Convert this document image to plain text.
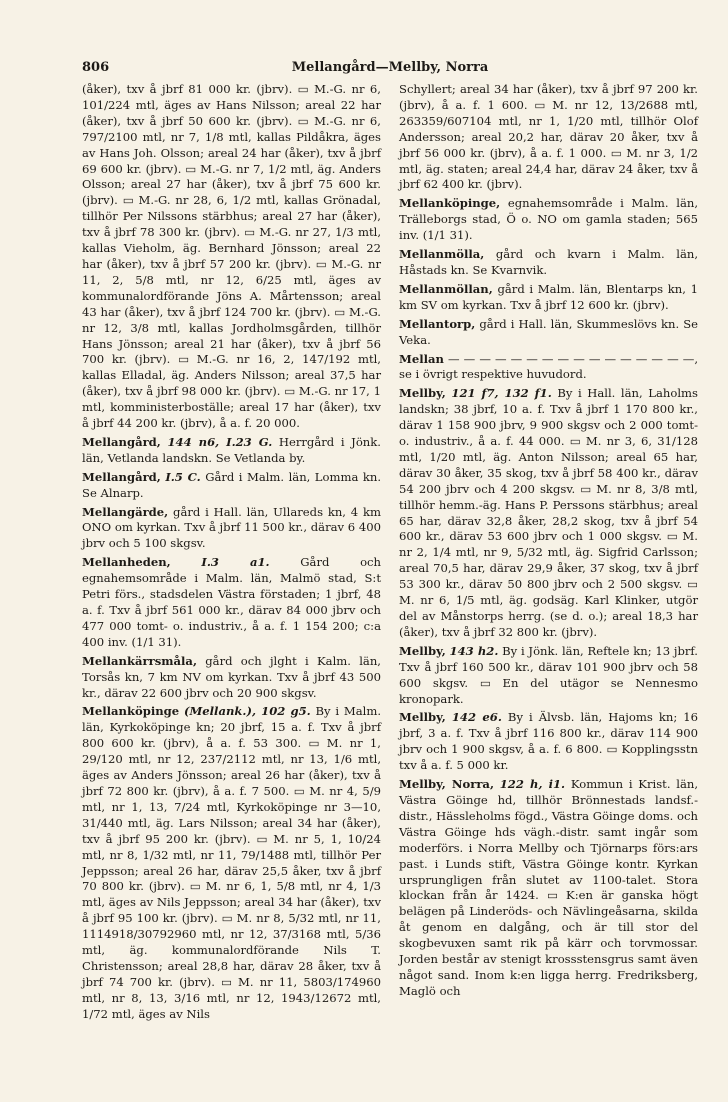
806	Mellangård—Mellby, Norra

(åker), txv å jbrf 81 000 kr. (jbrv). ▭ M.-G. nr 6, 101/224 mtl, äges av Hans Nilsson; areal 22 har (åker), txv å jbrf 50 600 kr. (jbrv). ▭ M.-G. nr 6, 797/2100 mtl, nr 7, 1/8 mtl, kallas Pildåkra, äges av Hans Joh. Olsson; areal 24 har (åker), txv å jbrf 69 600 kr. (jbrv). ▭ M.-G. nr 7, 1/2 mtl, äg. Anders Olsson; areal 27 har (åker), txv å jbrf 75 600 kr. (jbrv). ▭ M.-G. nr 28, 6, 1/2 mtl, kallas Grönadal, tillhör Per Nilssons stärbhus; areal 27 har (åker), txv å jbrf 78 300 kr. (jbrv). ▭ M.-G. nr 27, 1/3 mtl, kallas Vieholm, äg. Bernhard Jönsson; areal 22 har (åker), txv å jbrf 57 200 kr. (jbrv). ▭ M.-G. nr 11, 2, 5/8 mtl, nr 12, 6/25 mtl, äges av kommunalordförande Jöns A. Mårtensson; areal 43 har (åker), txv å jbrf 124 700 kr. (jbrv). ▭ M.-G. nr 12, 3/8 mtl, kallas Jordholmsgården, tillhör Hans Jönsson; areal 21 har (åker), txv å jbrf 56 700 kr. (jbrv). ▭ M.-G. nr 16, 2, 147/192 mtl, kallas Elladal, äg. Anders Nilsson; areal 37,5 har (åker), txv å jbrf 98 000 kr. (jbrv). ▭ M.-G. nr 17, 1 mtl, komministerboställe; areal 17 har (åker), txv å jbrf 44 200 kr. (jbrv), å a. f. 20 000.

Mellangård, 144 n6, I.23 G. Herrgård i Jönk. län, Vetlanda landskn. Se Vetlanda by.

Mellangård, I.5 C. Gård i Malm. län, Lomma kn. Se Alnarp.

Mellangärde, gård i Hall. län, Ullareds kn, 4 km ONO om kyrkan. Txv å jbrf 11 500 kr., därav 6 400 jbrv och 5 100 skgsv.

Mellanheden,	I.3 a1.	Gård och egnahemsområde i Malm. län, Malmö stad, S:t Petri förs., stadsdelen Västra förstaden; 1 jbrf, 48 a. f. Txv å jbrf 561 000 kr., därav 84 000 jbrv och 477 000 tomt- o. industriv., å a. f. 1 154 200; c:a 400 inv. (1/1 31).

Mellankärrsmåla, gård och jlght i Kalm. län, Torsås kn, 7 km NV om kyrkan. Txv å jbrf 43 500 kr., därav 22 600 jbrv och 20 900 skgsv.

Mellanköpinge (Mellank.), 102 g5. By i Malm. län, Kyrkoköpinge kn; 20 jbrf, 15 a. f. Txv å jbrf 800 600 kr. (jbrv), å a. f. 53 300. ▭ M. nr 1, 29/120 mtl, nr 12, 237/2112 mtl, nr 13, 1/6 mtl, äges av Anders Jönsson; areal 26 har (åker), txv å jbrf 72 800 kr. (jbrv), å a. f. 7 500. ▭ M. nr 4, 5/9 mtl, nr 1, 13, 7/24 mtl, Kyrkoköpinge nr 3—10, 31/440 mtl, äg. Lars Nilsson; areal 34 har (åker), txv å jbrf 95 200 kr. (jbrv). ▭ M. nr 5, 1, 10/24 mtl, nr 8, 1/32 mtl, nr 11, 79/1488 mtl, tillhör Per Jeppsson; areal 26 har, därav 25,5 åker, txv å jbrf 70 800 kr. (jbrv). ▭ M. nr 6, 1, 5/8 mtl, nr 4, 1/3 mtl, äges av Nils Jeppsson; areal 34 har (åker), txv å jbrf 95 100 kr. (jbrv). ▭ M. nr 8, 5/32 mtl, nr 11, 1114918/30792960 mtl, nr 12, 37/3168 mtl, 5/36 mtl, äg. kommunalordförande Nils T. Christensson; areal 28,8 har, därav 28 åker, txv å jbrf 74 700 kr. (jbrv). ▭ M. nr 11, 5803/174960 mtl, nr 8, 13, 3/16 mtl, nr 12, 1943/12672 mtl, 1/72 mtl, äges av Nils

Schyllert; areal 34 har (åker), txv å jbrf 97 200 kr. (jbrv), å a. f. 1 600. ▭ M. nr 12, 13/2688 mtl, 263359/607104 mtl, nr 1, 1/20 mtl, tillhör Olof Andersson; areal 20,2 har, därav 20 åker, txv å jbrf 56 000 kr. (jbrv), å a. f. 1 000. ▭ M. nr 3, 1/2 mtl, äg. staten; areal 24,4 har, därav 24 åker, txv å jbrf 62 400 kr. (jbrv).

Mellanköpinge, egnahemsområde i Malm. län, Trälleborgs stad, Ö o. NO om gamla staden; 565 inv. (1/1 31).

Mellanmölla, gård och kvarn i Malm. län, Håstads kn. Se Kvarnvik.

Mellanmöllan, gård i Malm. län, Blentarps kn, 1 km SV om kyrkan. Txv å jbrf 12 600 kr. (jbrv).

Mellantorp, gård i Hall. län, Skummeslövs kn. Se Veka.

Mellan — — — — — — — — — — — — — — — —, se i övrigt respektive huvudord.

Mellby, 121 f7, 132 f1. By i Hall. län, Laholms landskn; 38 jbrf, 10 a. f. Txv å jbrf 1 170 800 kr., därav 1 158 900 jbrv, 9 900 skgsv och 2 000 tomt- o. industriv., å a. f. 44 000. ▭ M. nr 3, 6, 31/128 mtl, 1/20 mtl, äg. Anton Nilsson; areal 65 har, därav 30 åker, 35 skog, txv å jbrf 58 400 kr., därav 54 200 jbrv och 4 200 skgsv. ▭ M. nr 8, 3/8 mtl, tillhör hemm.-äg. Hans P. Perssons stärbhus; areal 65 har, därav 32,8 åker, 28,2 skog, txv å jbrf 54 600 kr., därav 53 600 jbrv och 1 000 skgsv. ▭ M. nr 2, 1/4 mtl, nr 9, 5/32 mtl, äg. Sigfrid Carlsson; areal 70,5 har, därav 29,9 åker, 37 skog, txv å jbrf 53 300 kr., därav 50 800 jbrv och 2 500 skgsv. ▭ M. nr 6, 1/5 mtl, äg. godsäg. Karl Klinker, utgör del av Månstorps herrg. (se d. o.); areal 18,3 har (åker), txv å jbrf 32 800 kr. (jbrv).

Mellby, 143 h2. By i Jönk. län, Reftele kn; 13 jbrf. Txv å jbrf 160 500 kr., därav 101 900 jbrv och 58 600 skgsv. ▭ En del utägor se Nennesmo kronopark.

Mellby, 142 e6. By i Älvsb. län, Hajoms kn; 16 jbrf, 3 a. f. Txv å jbrf 116 800 kr., därav 114 900 jbrv och 1 900 skgsv, å a. f. 6 800. ▭ Kopplingsstn txv å a. f. 5 000 kr.

Mellby, Norra, 122 h, i1. Kommun i Krist. län, Västra Göinge hd, tillhör Brönnestads landsf.-distr., Hässleholms fögd., Västra Göinge doms. och Västra Göinge hds vägh.-distr. samt ingår som moderförs. i Norra Mellby och Tjörnarps förs:ars past. i Lunds stift, Västra Göinge kontr. Kyrkan ursprungligen från slutet av 1100-talet. Stora klockan från år 1424. ▭ K:en är ganska högt belägen på Linderöds- och Nävlingeåsarna, skilda åt genom en dalgång, och är till stor del skogbevuxen samt rik på kärr och torvmossar. Jorden består av stenigt krossstensgrus samt även något sand. Inom k:en ligga herrg. Fredriksberg, Maglö och
